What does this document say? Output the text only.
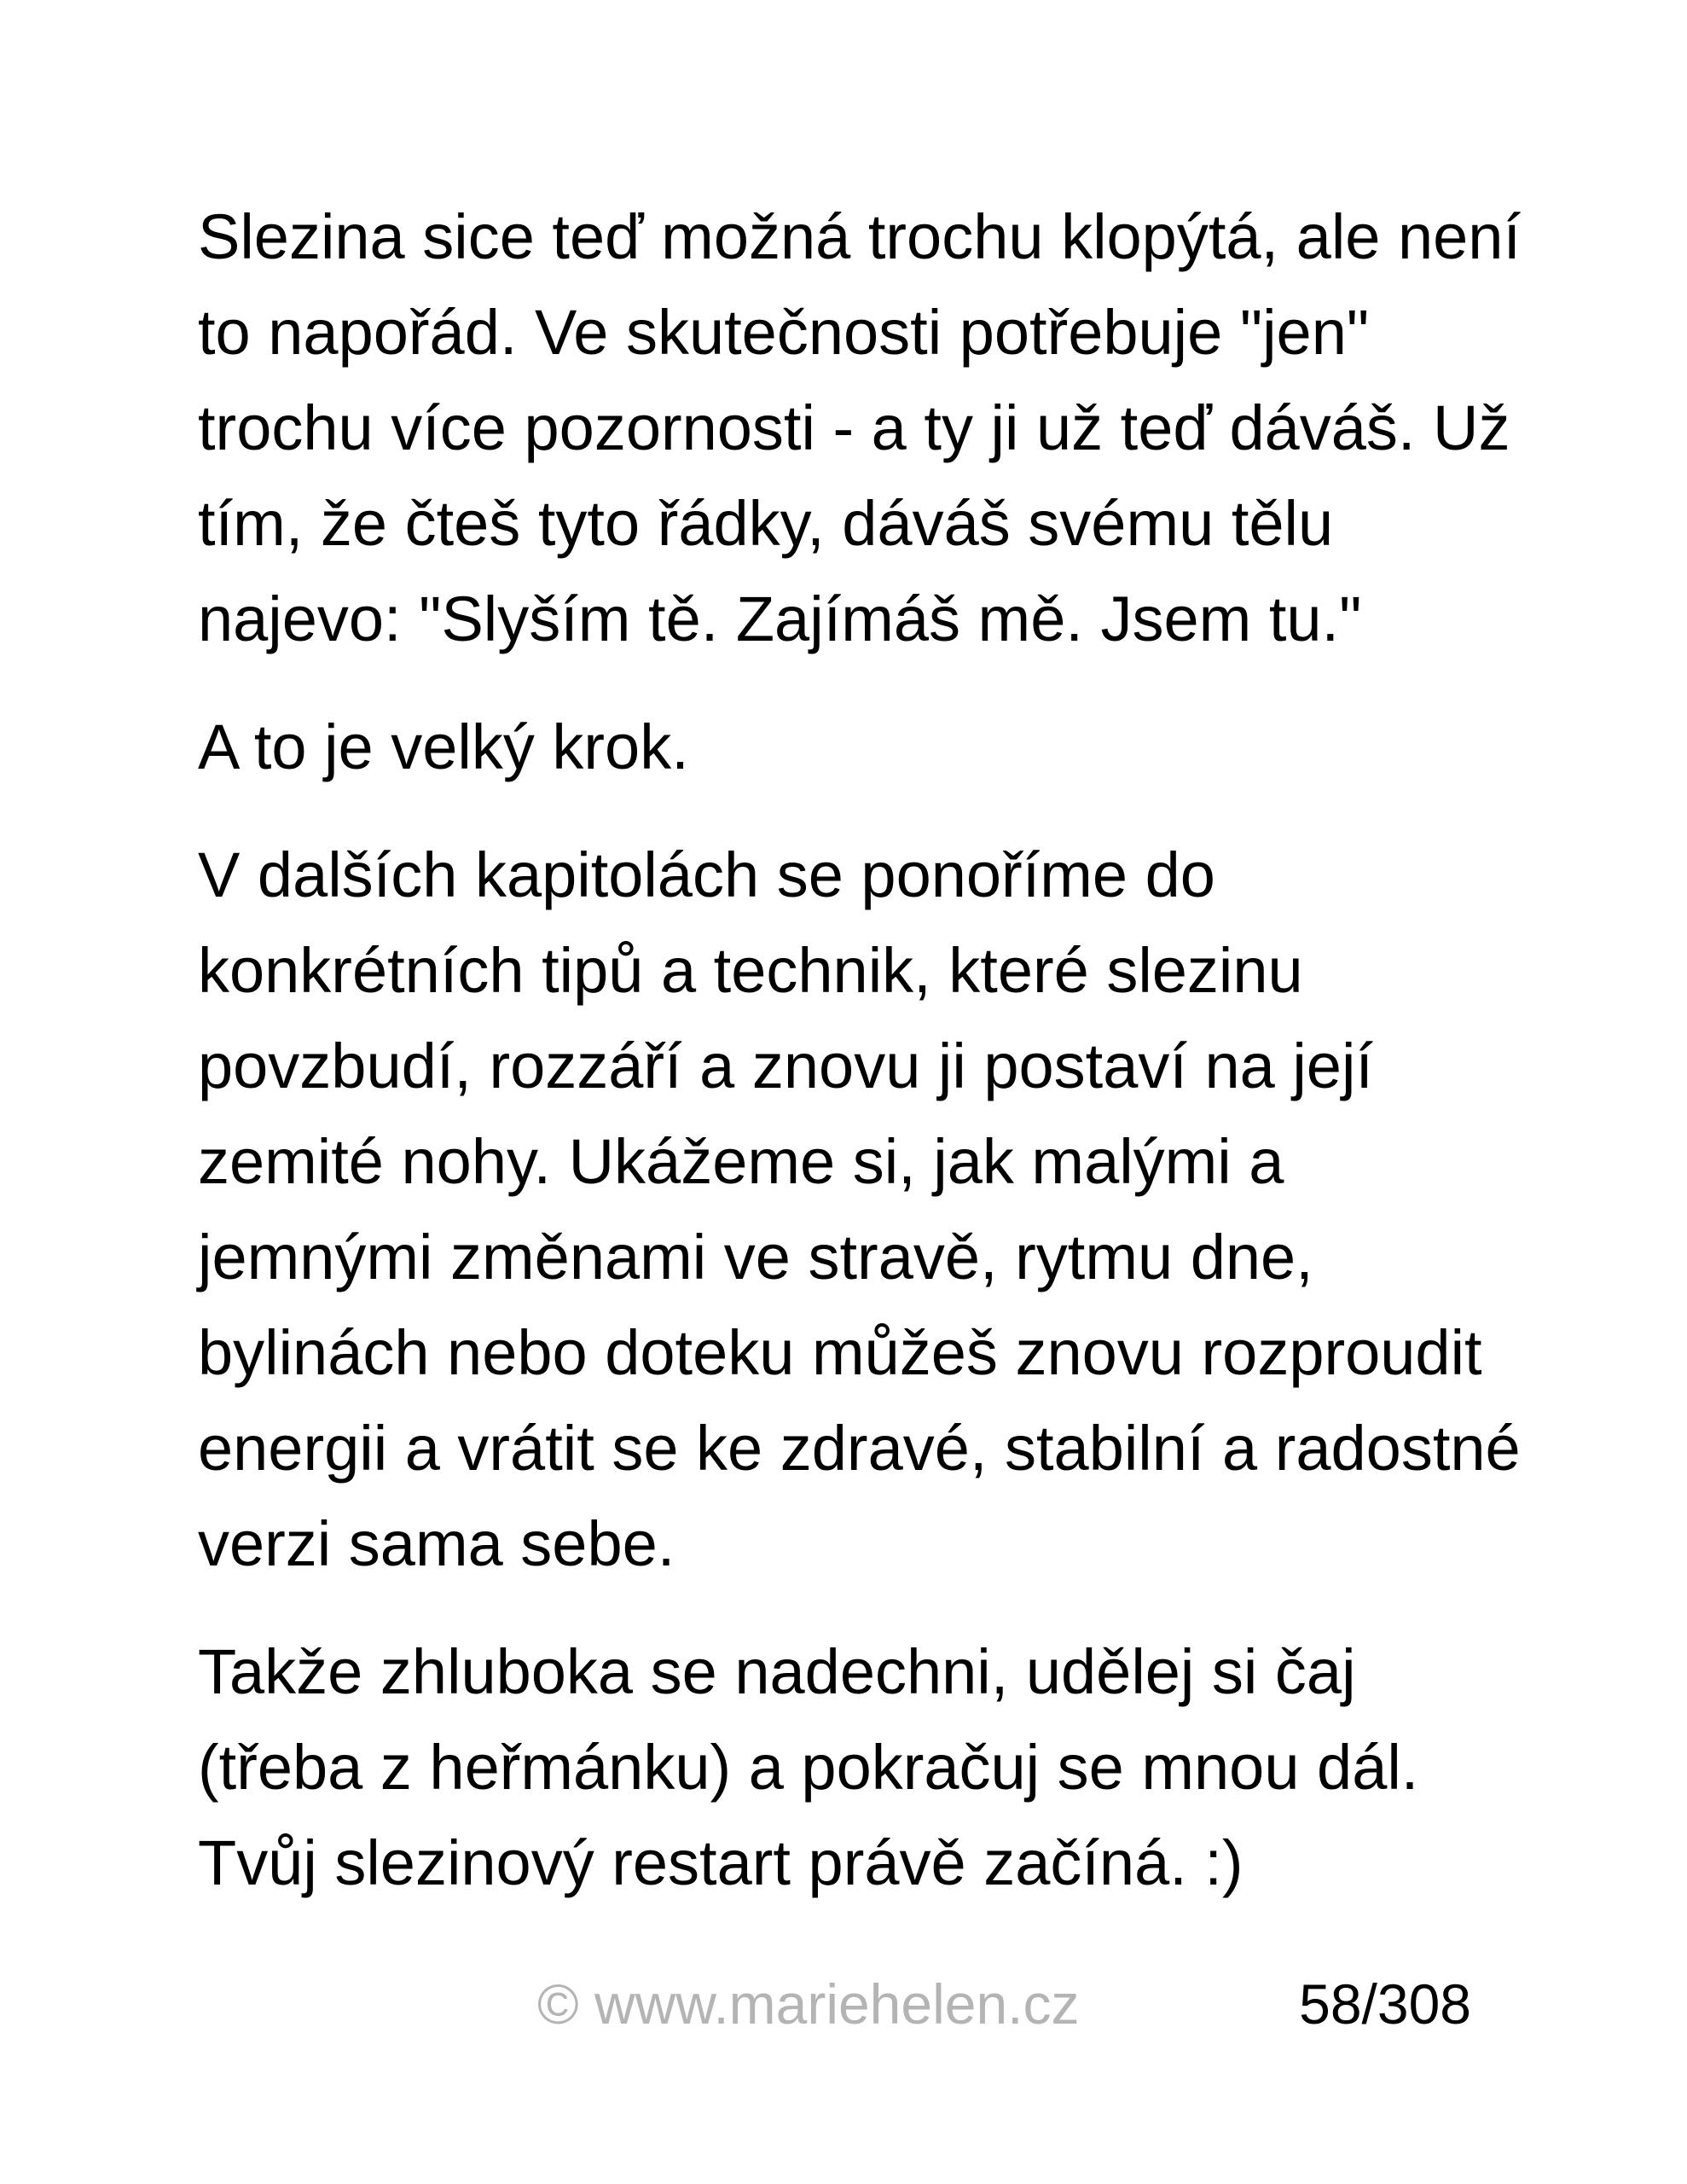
Slezina sice teď možná trochu klopýtá, ale není
to napořád. Ve skutečnosti potřebuje "jen"
trochu více pozornosti - a ty ji už teď dáváš. Už
tím, že čteš tyto řádky, dáváš svému tělu
najevo: "Slyším tě. Zajímáš mě. Jsem tu."
A to je velký krok.
V dalších kapitolách se ponoříme do
konkrétních tipů a technik, které slezinu
povzbudí, rozzáří a znovu ji postaví na její
zemité nohy. Ukážeme si, jak malými a
jemnými změnami ve stravě, rytmu dne,
bylinách nebo doteku můžeš znovu rozproudit
energii a vrátit se ke zdravé, stabilní a radostné
verzi sama sebe.
Takže zhluboka se nadechni, udělej si čaj
(třeba z heřmánku) a pokračuj se mnou dál.
Tvůj slezinový restart právě začíná. :)
© www.mariehelen.cz	58/308
